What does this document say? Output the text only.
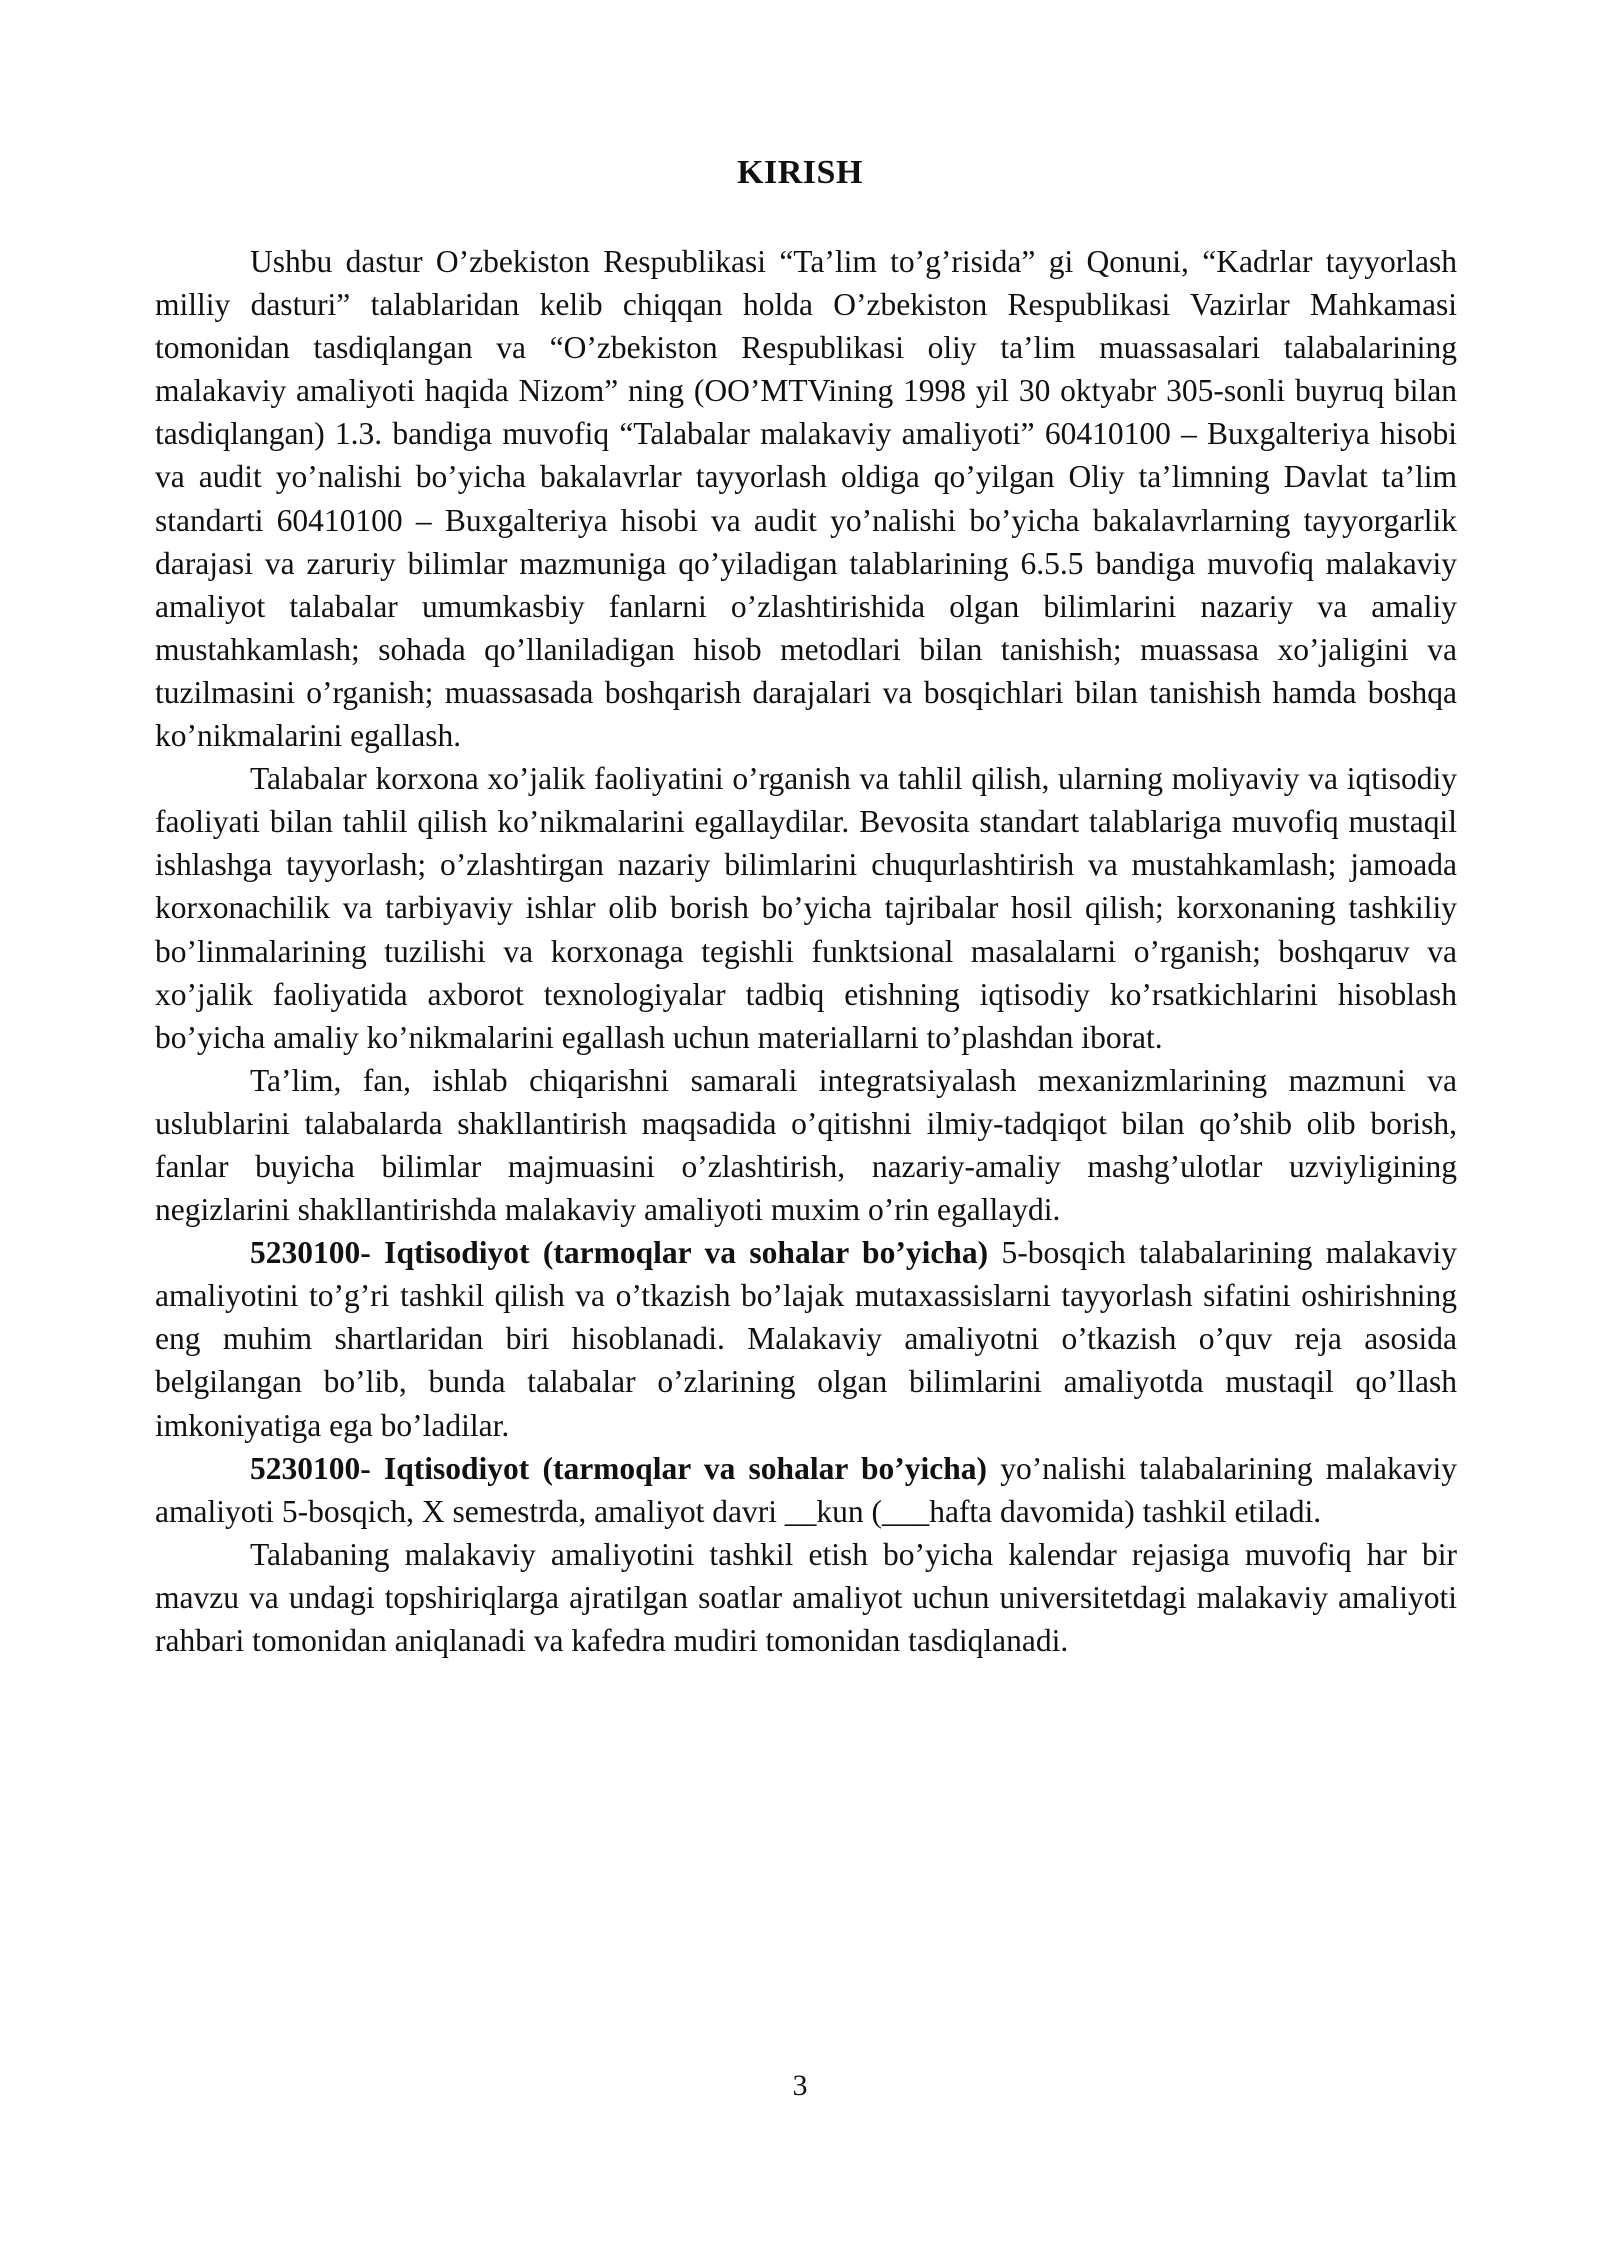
KIRISH

Ushbu dastur O’zbekiston Respublikasi “Ta’lim to’g’risida” gi Qonuni, “Kadrlar tayyorlash milliy dasturi” talablaridan kelib chiqqan holda O’zbekiston Respublikasi Vazirlar Mahkamasi tomonidan tasdiqlangan va “O’zbekiston Respublikasi oliy ta’lim muassasalari talabalarining malakaviy amaliyoti haqida Nizom” ning (OO’MTVining 1998 yil 30 oktyabr 305-sonli buyruq bilan tasdiqlangan) 1.3. bandiga muvofiq “Talabalar malakaviy amaliyoti” 60410100 – Buxgalteriya hisobi va audit yo’nalishi bo’yicha bakalavrlar tayyorlash oldiga qo’yilgan Oliy ta’limning Davlat ta’lim standarti 60410100 – Buxgalteriya hisobi va audit yo’nalishi bo’yicha bakalavrlarning tayyorgarlik darajasi va zaruriy bilimlar mazmuniga qo’yiladigan talablarining 6.5.5 bandiga muvofiq malakaviy amaliyot talabalar umumkasbiy fanlarni o’zlashtirishida olgan bilimlarini nazariy va amaliy mustahkamlash; sohada qo’llaniladigan hisob metodlari bilan tanishish; muassasa xo’jaligini va tuzilmasini o’rganish; muassasada boshqarish darajalari va bosqichlari bilan tanishish hamda boshqa ko’nikmalarini egallash.

Talabalar korxona xo’jalik faoliyatini o’rganish va tahlil qilish, ularning moliyaviy va iqtisodiy faoliyati bilan tahlil qilish ko’nikmalarini egallaydilar. Bevosita standart talablariga muvofiq mustaqil ishlashga tayyorlash; o’zlashtirgan nazariy bilimlarini chuqurlashtirish va mustahkamlash; jamoada korxonachilik va tarbiyaviy ishlar olib borish bo’yicha tajribalar hosil qilish; korxonaning tashkiliy bo’linmalarining tuzilishi va korxonaga tegishli funktsional masalalarni o’rganish; boshqaruv va xo’jalik faoliyatida axborot texnologiyalar tadbiq etishning iqtisodiy ko’rsatkichlarini hisoblash bo’yicha amaliy ko’nikmalarini egallash uchun materiallarni to’plashdan iborat.

Ta’lim, fan, ishlab chiqarishni samarali integratsiyalash mexanizmlarining mazmuni va uslublarini talabalarda shakllantirish maqsadida o’qitishni ilmiy-tadqiqot bilan qo’shib olib borish, fanlar buyicha bilimlar majmuasini o’zlashtirish, nazariy-amaliy mashg’ulotlar uzviyligining negizlarini shakllantirishda malakaviy amaliyoti muxim o’rin egallaydi.

5230100- Iqtisodiyot (tarmoqlar va sohalar bo’yicha) 5-bosqich talabalarining malakaviy amaliyotini to’g’ri tashkil qilish va o’tkazish bo’lajak mutaxassislarni tayyorlash sifatini oshirishning eng muhim shartlaridan biri hisoblanadi. Malakaviy amaliyotni o’tkazish o’quv reja asosida belgilangan bo’lib, bunda talabalar o’zlarining olgan bilimlarini amaliyotda mustaqil qo’llash imkoniyatiga ega bo’ladilar.

5230100- Iqtisodiyot (tarmoqlar va sohalar bo’yicha) yo’nalishi talabalarining malakaviy amaliyoti 5-bosqich, X semestrda, amaliyot davri __kun (___hafta davomida) tashkil etiladi.

Talabaning malakaviy amaliyotini tashkil etish bo’yicha kalendar rejasiga muvofiq har bir mavzu va undagi topshiriqlarga ajratilgan soatlar amaliyot uchun universitetdagi malakaviy amaliyoti rahbari tomonidan aniqlanadi va kafedra mudiri tomonidan tasdiqlanadi.

3
